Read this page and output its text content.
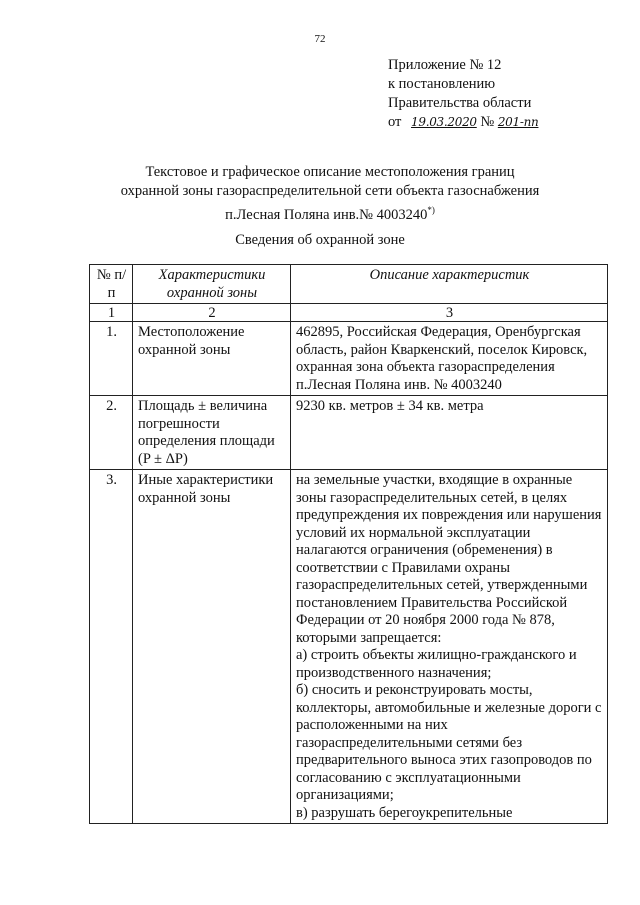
72
Приложение № 12
к постановлению
Правительства области
от 19.03.2020 № 201-пп
Текстовое и графическое описание местоположения границ
охранной зоны газораспределительной сети объекта газоснабжения
п.Лесная Поляна инв.№ 4003240*)
Сведения об охранной зоне
№ п/п	Характеристики охранной зоны	Описание характеристик
1	2	3
1.	Местоположение охранной зоны	462895, Российская Федерация, Оренбургская область, район Кваркенский, поселок Кировск, охранная зона объекта газораспределения п.Лесная Поляна инв. № 4003240

2.	Площадь ± величина погрешности определения площади (P ± ΔP)	9230 кв. метров ± 34 кв. метра

3.	Иные характеристики охранной зоны	на земельные участки, входящие в охранные зоны газораспределительных сетей, в целях предупреждения их повреждения или нарушения условий их нормальной эксплуатации налагаются ограничения (обременения) в соответствии с Правилами охраны газораспределительных сетей, утвержденными постановлением Правительства Российской Федерации от 20 ноября 2000 года № 878, которыми запрещается:

а) строить объекты жилищно-гражданского и производственного назначения;

б) сносить и реконструировать мосты, коллекторы, автомобильные и железные дороги с расположенными на них газораспределительными сетями без предварительного выноса этих газопроводов по согласованию с эксплуатационными организациями;

в) разрушать берегоукрепительные
